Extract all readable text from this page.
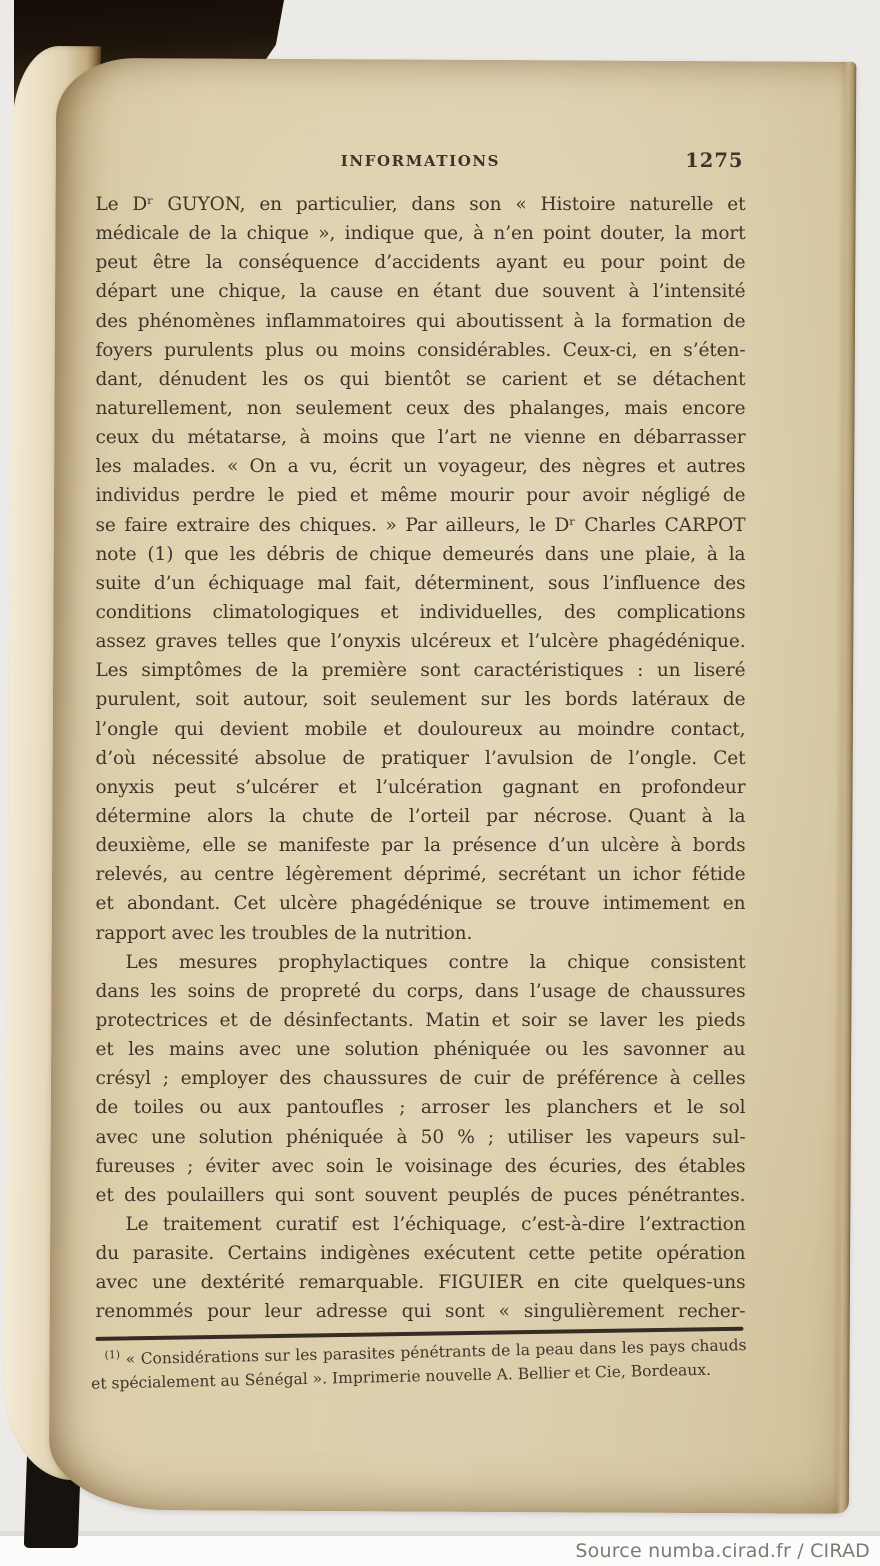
INFORMATIONS	1275
Le Dʳ GUYON, en particulier, dans son « Histoire naturelle et
médicale de la chique », indique que, à n’en point douter, la mort
peut être la conséquence d’accidents ayant eu pour point de
départ une chique, la cause en étant due souvent à l’intensité
des phénomènes inflammatoires qui aboutissent à la formation de
foyers purulents plus ou moins considérables. Ceux-ci, en s’éten-
dant, dénudent les os qui bientôt se carient et se détachent
naturellement, non seulement ceux des phalanges, mais encore
ceux du métatarse, à moins que l’art ne vienne en débarrasser
les malades. « On a vu, écrit un voyageur, des nègres et autres
individus perdre le pied et même mourir pour avoir négligé de
se faire extraire des chiques. » Par ailleurs, le Dʳ Charles CARPOT
note (1) que les débris de chique demeurés dans une plaie, à la
suite d’un échiquage mal fait, déterminent, sous l’influence des
conditions climatologiques et individuelles, des complications
assez graves telles que l’onyxis ulcéreux et l’ulcère phagédénique.
Les simptômes de la première sont caractéristiques : un liseré
purulent, soit autour, soit seulement sur les bords latéraux de
l’ongle qui devient mobile et douloureux au moindre contact,
d’où nécessité absolue de pratiquer l’avulsion de l’ongle. Cet
onyxis peut s’ulcérer et l’ulcération gagnant en profondeur
détermine alors la chute de l’orteil par nécrose. Quant à la
deuxième, elle se manifeste par la présence d’un ulcère à bords
relevés, au centre légèrement déprimé, secrétant un ichor fétide
et abondant. Cet ulcère phagédénique se trouve intimement en
rapport avec les troubles de la nutrition.
Les mesures prophylactiques contre la chique consistent
dans les soins de propreté du corps, dans l’usage de chaussures
protectrices et de désinfectants. Matin et soir se laver les pieds
et les mains avec une solution phéniquée ou les savonner au
crésyl ; employer des chaussures de cuir de préférence à celles
de toiles ou aux pantoufles ; arroser les planchers et le sol
avec une solution phéniquée à 50 % ; utiliser les vapeurs sul-
fureuses ; éviter avec soin le voisinage des écuries, des étables
et des poulaillers qui sont souvent peuplés de puces pénétrantes.
Le traitement curatif est l’échiquage, c’est-à-dire l’extraction
du parasite. Certains indigènes exécutent cette petite opération
avec une dextérité remarquable. FIGUIER en cite quelques-uns
renommés pour leur adresse qui sont « singulièrement recher-
$^{(1)}$ « Considérations sur les parasites pénétrants de la peau dans les pays chauds
et spécialement au Sénégal ». Imprimerie nouvelle A. Bellier et Cie, Bordeaux.
Source numba.cirad.fr / CIRAD
